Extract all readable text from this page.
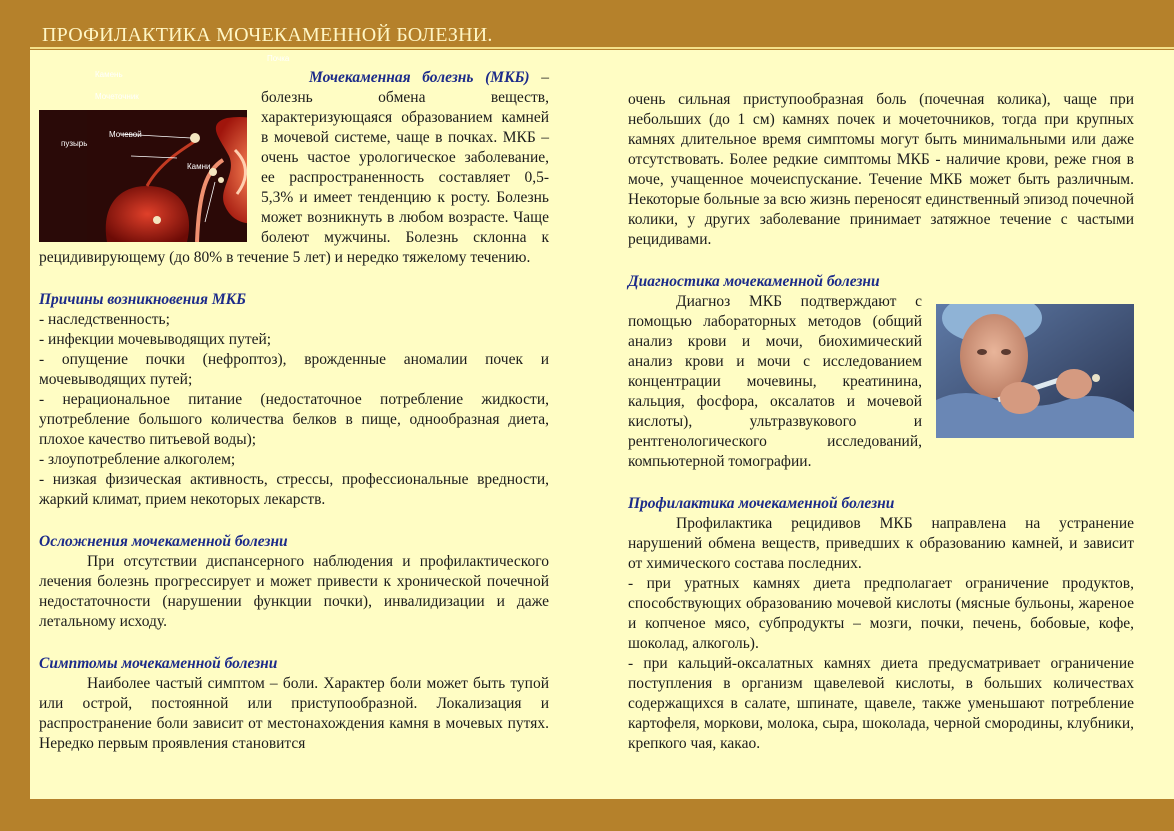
ПРОФИЛАКТИКА МОЧЕКАМЕННОЙ БОЛЕЗНИ.

Камень
Почка
Мочеточник
Мочевой пузырь
Камни
Мочекаменная болезнь (МКБ) – болезнь обмена веществ, характеризующаяся образованием камней в мочевой системе, чаще в почках. МКБ – очень частое урологическое заболевание, ее распространенность составляет 0,5-5,3% и имеет тенденцию к росту. Болезнь может возникнуть в любом возрасте. Чаще болеют мужчины. Болезнь склонна к рецидивирующему (до 80% в течение 5 лет) и нередко тяжелому течению.

Причины возникновения МКБ

- наследственность;

- инфекции мочевыводящих путей;

- опущение почки (нефроптоз), врожденные аномалии почек и мочевыводящих путей;

- нерациональное питание (недостаточное потребление жидкости, употребление большого количества белков в пище, однообразная диета, плохое качество питьевой воды);

- злоупотребление алкоголем;

- низкая физическая активность, стрессы, профессиональные вредности, жаркий климат, прием некоторых лекарств.

Осложнения мочекаменной болезни

При отсутствии диспансерного наблюдения и профилактического лечения болезнь прогрессирует и может привести к хронической почечной недостаточности (нарушении функции почки), инвалидизации и даже летальному исходу.

Симптомы мочекаменной болезни

Наиболее частый симптом – боли. Характер боли может быть тупой или острой, постоянной или приступообразной. Локализация и распространение боли зависит от местонахождения камня в мочевых путях. Нередко первым проявления становится

очень сильная приступообразная боль (почечная колика), чаще при небольших (до 1 см) камнях почек и мочеточников, тогда при крупных камнях длительное время симптомы могут быть минимальными или даже отсутствовать. Более редкие симптомы МКБ - наличие крови, реже гноя в моче, учащенное мочеиспускание. Течение МКБ может быть различным. Некоторые больные за всю жизнь переносят единственный эпизод почечной колики, у других заболевание принимает затяжное течение с частыми рецидивами.

Диагностика мочекаменной болезни

Диагноз МКБ подтверждают с помощью лабораторных методов (общий анализ крови и мочи, биохимический анализ крови и мочи с исследованием концентрации мочевины, креатинина, кальция, фосфора, оксалатов и мочевой кислоты), ультразвукового и рентгенологического исследований, компьютерной томографии.

Профилактика мочекаменной болезни

Профилактика рецидивов МКБ направлена на устранение нарушений обмена веществ, приведших к образованию камней, и зависит от химического состава последних.

- при уратных камнях диета предполагает ограничение продуктов, способствующих образованию мочевой кислоты (мясные бульоны, жареное и копченое мясо, субпродукты – мозги, почки, печень, бобовые, кофе, шоколад, алкоголь).

- при кальций-оксалатных камнях диета предусматривает ограничение поступления в организм щавелевой кислоты, в больших количествах содержащихся в салате, шпинате, щавеле, также уменьшают потребление картофеля, моркови, молока, сыра, шоколада, черной смородины, клубники, крепкого чая, какао.
